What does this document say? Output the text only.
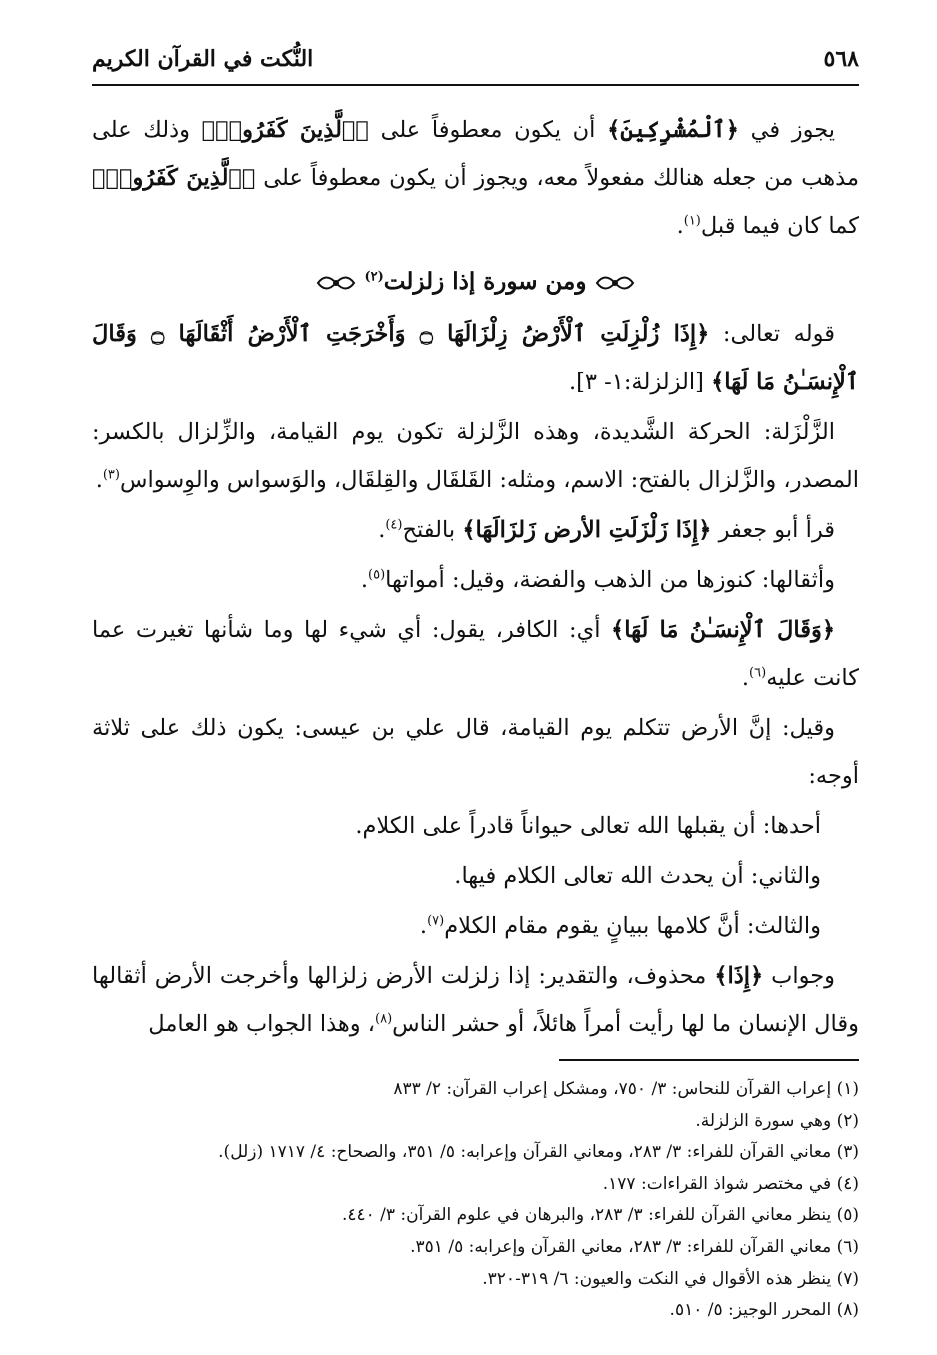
٥٦٨
النُّكت في القرآن الكريم

يجوز في ﴿ٱلْمُشْرِكِينَ﴾ أن يكون معطوفاً على ﴿ٱلَّذِينَ كَفَرُوا۟﴾ وذلك على مذهب من جعله هنالك مفعولاً معه، ويجوز أن يكون معطوفاً على ﴿ٱلَّذِينَ كَفَرُوا۟﴾ كما كان فيما قبل$^{(١)}$.

ومن سورة إذا زلزلت$^{(٢)}$

قوله تعالى: ﴿إِذَا زُلْزِلَتِ ٱلْأَرْضُ زِلْزَالَهَا ۝ وَأَخْرَجَتِ ٱلْأَرْضُ أَثْقَالَهَا ۝ وَقَالَ ٱلْإِنسَـٰنُ مَا لَهَا﴾ [الزلزلة:١- ٣].

الزَّلْزَلة: الحركة الشَّديدة، وهذه الزَّلزلة تكون يوم القيامة، والزِّلزال بالكسر: المصدر، والزَّلزال بالفتح: الاسم، ومثله: القَلقَال والقِلقَال، والوَسواس والوِسواس$^{(٣)}$.

قرأ أبو جعفر ﴿إِذَا زَلْزَلَتِ الأرض زَلزَالَهَا﴾ بالفتح$^{(٤)}$.

وأثقالها: كنوزها من الذهب والفضة، وقيل: أمواتها$^{(٥)}$.

﴿وَقَالَ ٱلْإِنسَـٰنُ مَا لَهَا﴾ أي: الكافر، يقول: أي شيء لها وما شأنها تغيرت عما كانت عليه$^{(٦)}$.

وقيل: إنَّ الأرض تتكلم يوم القيامة، قال علي بن عيسى: يكون ذلك على ثلاثة أوجه:

أحدها: أن يقبلها الله تعالى حيواناً قادراً على الكلام.

والثاني: أن يحدث الله تعالى الكلام فيها.

والثالث: أنَّ كلامها ببيانٍ يقوم مقام الكلام$^{(٧)}$.

وجواب ﴿إِذَا﴾ محذوف، والتقدير: إذا زلزلت الأرض زلزالها وأخرجت الأرض أثقالها وقال الإنسان ما لها رأيت أمراً هائلاً، أو حشر الناس$^{(٨)}$، وهذا الجواب هو العامل

(١) إعراب القرآن للنحاس: ٣/ ٧٥٠، ومشكل إعراب القرآن: ٢/ ٨٣٣
(٢) وهي سورة الزلزلة.
(٣) معاني القرآن للفراء: ٣/ ٢٨٣، ومعاني القرآن وإعرابه: ٥/ ٣٥١، والصحاح: ٤/ ١٧١٧ (زلل).
(٤) في مختصر شواذ القراءات: ١٧٧.
(٥) ينظر معاني القرآن للفراء: ٣/ ٢٨٣، والبرهان في علوم القرآن: ٣/ ٤٤٠.
(٦) معاني القرآن للفراء: ٣/ ٢٨٣، معاني القرآن وإعرابه: ٥/ ٣٥١.
(٧) ينظر هذه الأقوال في النكت والعيون: ٦/ ٣١٩-٣٢٠.
(٨) المحرر الوجيز: ٥/ ٥١٠.
